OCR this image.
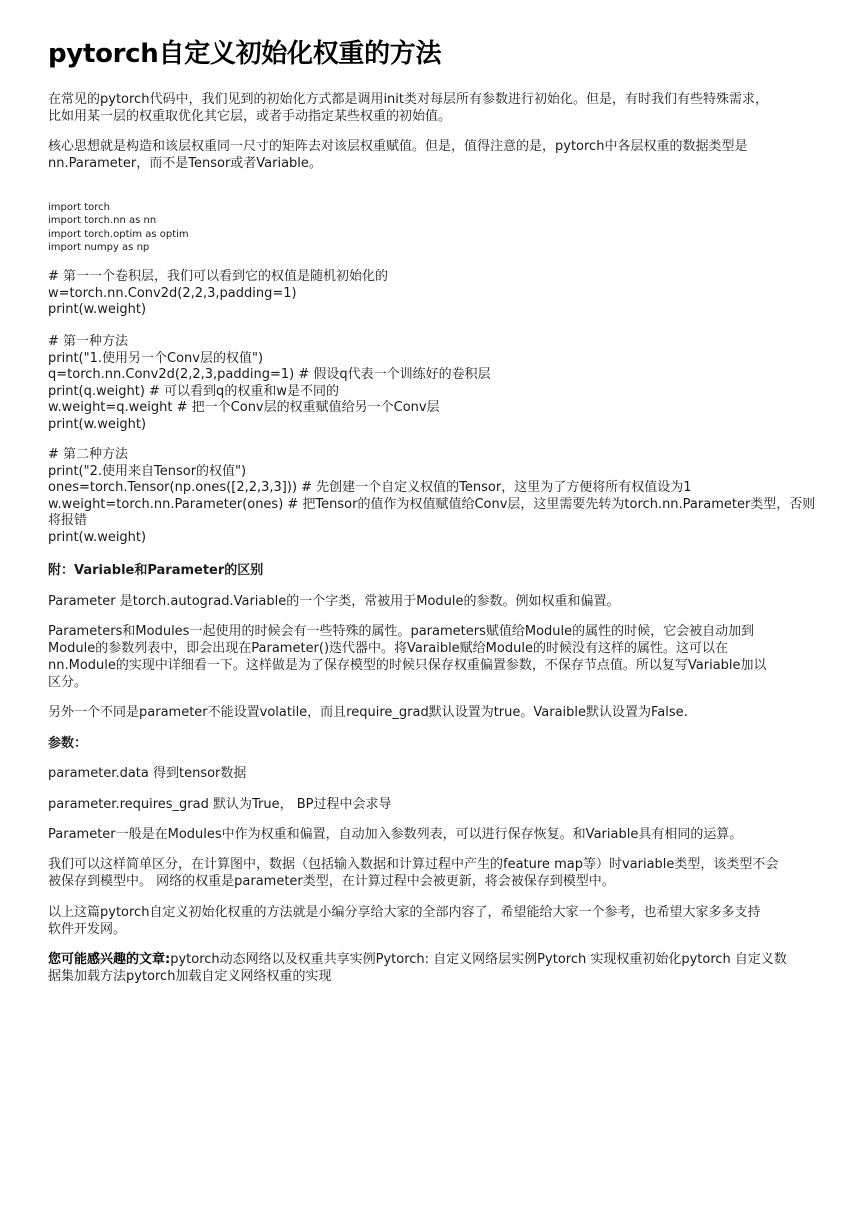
pytorch自定义初始化权重的方法

在常见的pytorch代码中，我们见到的初始化方式都是调用init类对每层所有参数进行初始化。但是，有时我们有些特殊需求，
比如用某一层的权重取优化其它层，或者手动指定某些权重的初始值。

核心思想就是构造和该层权重同一尺寸的矩阵去对该层权重赋值。但是，值得注意的是，pytorch中各层权重的数据类型是
nn.Parameter，而不是Tensor或者Variable。

import torch
import torch.nn as nn
import torch.optim as optim
import numpy as np

# 第一一个卷积层，我们可以看到它的权值是随机初始化的
w=torch.nn.Conv2d(2,2,3,padding=1)
print(w.weight)

# 第一种方法
print("1.使用另一个Conv层的权值")
q=torch.nn.Conv2d(2,2,3,padding=1) # 假设q代表一个训练好的卷积层
print(q.weight) # 可以看到q的权重和w是不同的
w.weight=q.weight # 把一个Conv层的权重赋值给另一个Conv层
print(w.weight)

# 第二种方法
print("2.使用来自Tensor的权值")
ones=torch.Tensor(np.ones([2,2,3,3])) # 先创建一个自定义权值的Tensor，这里为了方便将所有权值设为1
w.weight=torch.nn.Parameter(ones) # 把Tensor的值作为权值赋值给Conv层，这里需要先转为torch.nn.Parameter类型，否则
将报错
print(w.weight)

附：Variable和Parameter的区别

Parameter 是torch.autograd.Variable的一个字类，常被用于Module的参数。例如权重和偏置。

Parameters和Modules一起使用的时候会有一些特殊的属性。parameters赋值给Module的属性的时候，它会被自动加到
Module的参数列表中，即会出现在Parameter()迭代器中。将Varaible赋给Module的时候没有这样的属性。这可以在
nn.Module的实现中详细看一下。这样做是为了保存模型的时候只保存权重偏置参数，不保存节点值。所以复写Variable加以
区分。

另外一个不同是parameter不能设置volatile，而且require_grad默认设置为true。Varaible默认设置为False.

参数：

parameter.data 得到tensor数据

parameter.requires_grad 默认为True， BP过程中会求导

Parameter一般是在Modules中作为权重和偏置，自动加入参数列表，可以进行保存恢复。和Variable具有相同的运算。

我们可以这样简单区分，在计算图中，数据（包括输入数据和计算过程中产生的feature map等）时variable类型，该类型不会
被保存到模型中。 网络的权重是parameter类型，在计算过程中会被更新，将会被保存到模型中。

以上这篇pytorch自定义初始化权重的方法就是小编分享给大家的全部内容了，希望能给大家一个参考，也希望大家多多支持
软件开发网。

您可能感兴趣的文章:pytorch动态网络以及权重共享实例Pytorch: 自定义网络层实例Pytorch 实现权重初始化pytorch 自定义数
据集加载方法pytorch加载自定义网络权重的实现
